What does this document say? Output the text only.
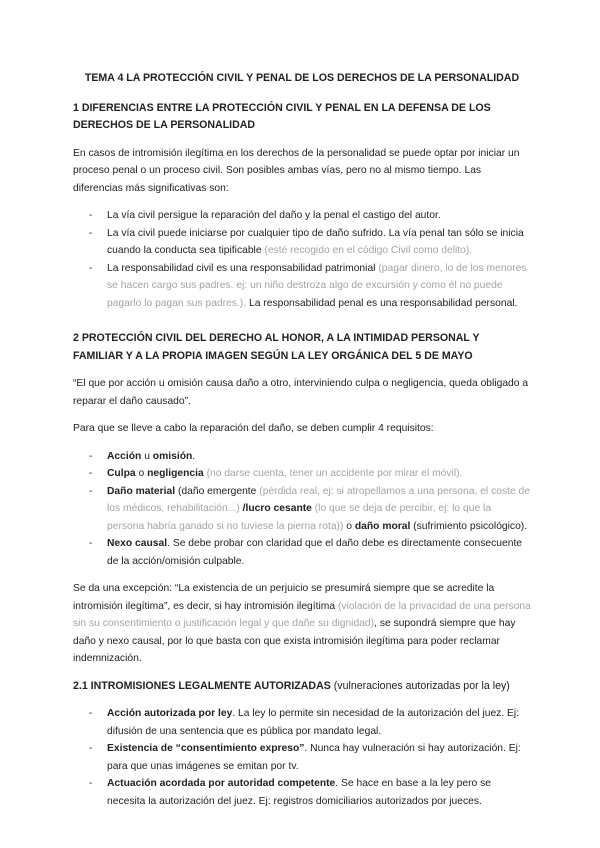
TEMA 4 LA PROTECCIÓN CIVIL Y PENAL DE LOS DERECHOS DE LA PERSONALIDAD
1 DIFERENCIAS ENTRE LA PROTECCIÓN CIVIL Y PENAL EN LA DEFENSA DE LOS DERECHOS DE LA PERSONALIDAD
En casos de intromisión ilegítima en los derechos de la personalidad se puede optar por iniciar un proceso penal o un proceso civil. Son posibles ambas vías, pero no al mismo tiempo. Las diferencias más significativas son:
- La vía civil persigue la reparación del daño y la penal el castigo del autor.
- La vía civil puede iniciarse por cualquier tipo de daño sufrido. La vía penal tan sólo se inicia cuando la conducta sea tipificable (esté recogido en el código Civil como delito).
- La responsabilidad civil es una responsabilidad patrimonial (pagar dinero, lo de los menores se hacen cargo sus padres. ej: un niño destroza algo de excursión y como él no puede pagarlo lo pagan sus padres.). La responsabilidad penal es una responsabilidad personal.
2 PROTECCIÓN CIVIL DEL DERECHO AL HONOR, A LA INTIMIDAD PERSONAL Y FAMILIAR Y A LA PROPIA IMAGEN SEGÚN LA LEY ORGÁNICA DEL 5 DE MAYO
“El que por acción u omisión causa daño a otro, interviniendo culpa o negligencia, queda obligado a reparar el daño causado”.
Para que se lleve a cabo la reparación del daño, se deben cumplir 4 requisitos:
- Acción u omisión.
- Culpa o negligencia (no darse cuenta, tener un accidente por mirar el móvil).
- Daño material (daño emergente (pérdida real, ej: si atropellamos a una persona, el coste de los médicos, rehabilitación...) /lucro cesante (lo que se deja de percibir, ej: lo que la persona habría ganado si no tuviese la pierna rota)) o daño moral (sufrimiento psicológico).
- Nexo causal. Se debe probar con claridad que el daño debe es directamente consecuente de la acción/omisión culpable.
Se da una excepción: “La existencia de un perjuicio se presumirá siempre que se acredite la intromisión ilegítima”, es decir, si hay intromisión ilegítima (violación de la privacidad de una persona sin su consentimiento o justificación legal y que dañe su dignidad), se supondrá siempre que hay daño y nexo causal, por lo que basta con que exista intromisión ilegítima para poder reclamar indemnización.
2.1 INTROMISIONES LEGALMENTE AUTORIZADAS (vulneraciones autorizadas por la ley)
- Acción autorizada por ley. La ley lo permite sin necesidad de la autorización del juez. Ej: difusión de una sentencia que es pública por mandato legal.
- Existencia de “consentimiento expreso”. Nunca hay vulneración si hay autorización. Ej: para que unas imágenes se emitan por tv.
- Actuación acordada por autoridad competente. Se hace en base a la ley pero se necesita la autorización del juez. Ej: registros domiciliarios autorizados por jueces.
